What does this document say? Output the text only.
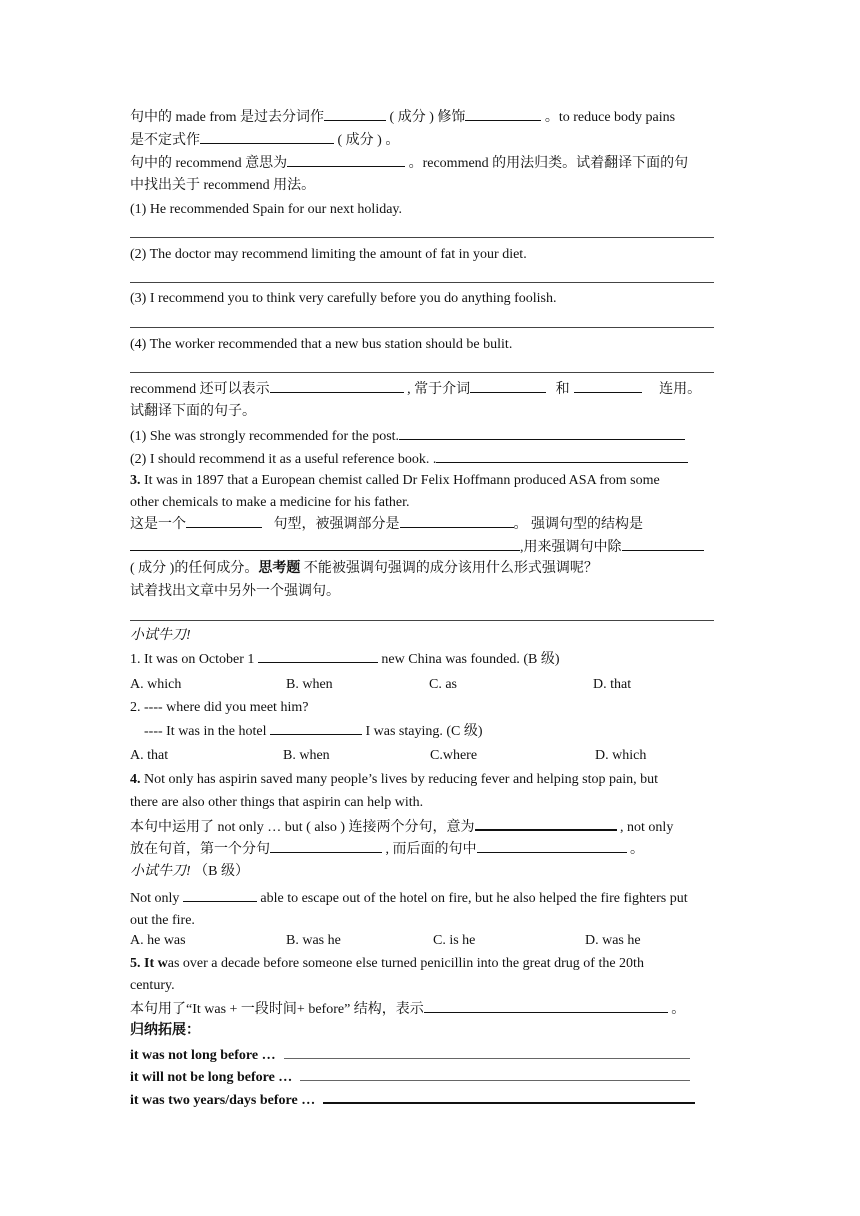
句中的 made from 是过去分词作	( 成分 ) 修饰	。to reduce body pains
是不定式作	( 成分 ) 。
句中的 recommend 意思为	。recommend 的用法归类。试着翻译下面的句
中找出关于 recommend 用法。
(1) He recommended Spain for our next holiday.
(2) The doctor may recommend limiting the amount of fat in your diet.
(3) I recommend you to think very carefully before you do anything foolish.
(4) The worker recommended that a new bus station should be bulit.
recommend 还可以表示	, 常于介词	和	连用。
试翻译下面的句子。
(1) She was strongly recommended for the post.
(2) I should recommend it as a useful reference book. .
3. It was in 1897 that a European chemist called Dr Felix Hoffmann produced ASA from some
other chemicals to make a medicine for his father.
这是一个	句型，被强调部分是	。 强调句型的结构是
,用来强调句中除
( 成分 )的任何成分。思考题 不能被强调句强调的成分该用什么形式强调呢？
试着找出文章中另外一个强调句。
小试牛刀!
1. It was on October 1	new China was founded. (B 级)
A. which	B. when	C. as	D. that
2. ---- where did you meet him?
---- It was in the hotel	I was staying. (C 级)
A. that	B. when	C.where	D. which
4. Not only has aspirin saved many people’s lives by reducing fever and helping stop pain, but
there are also other things that aspirin can help with.
本句中运用了 not only … but ( also ) 连接两个分句，意为	, not only
放在句首，第一个分句	, 而后面的句中	。
小试牛刀! （B 级）
Not only	able to escape out of the hotel on fire, but he also helped the fire fighters put
out the fire.
A. he was	B. was he	C. is he	D. was he
5. It was over a decade before someone else turned penicillin into the great drug of the 20th
century.
本句用了“It was + 一段时间+ before” 结构，表示	。
归纳拓展：
it was not long before …
it will not be long before …
it was two years/days before …
